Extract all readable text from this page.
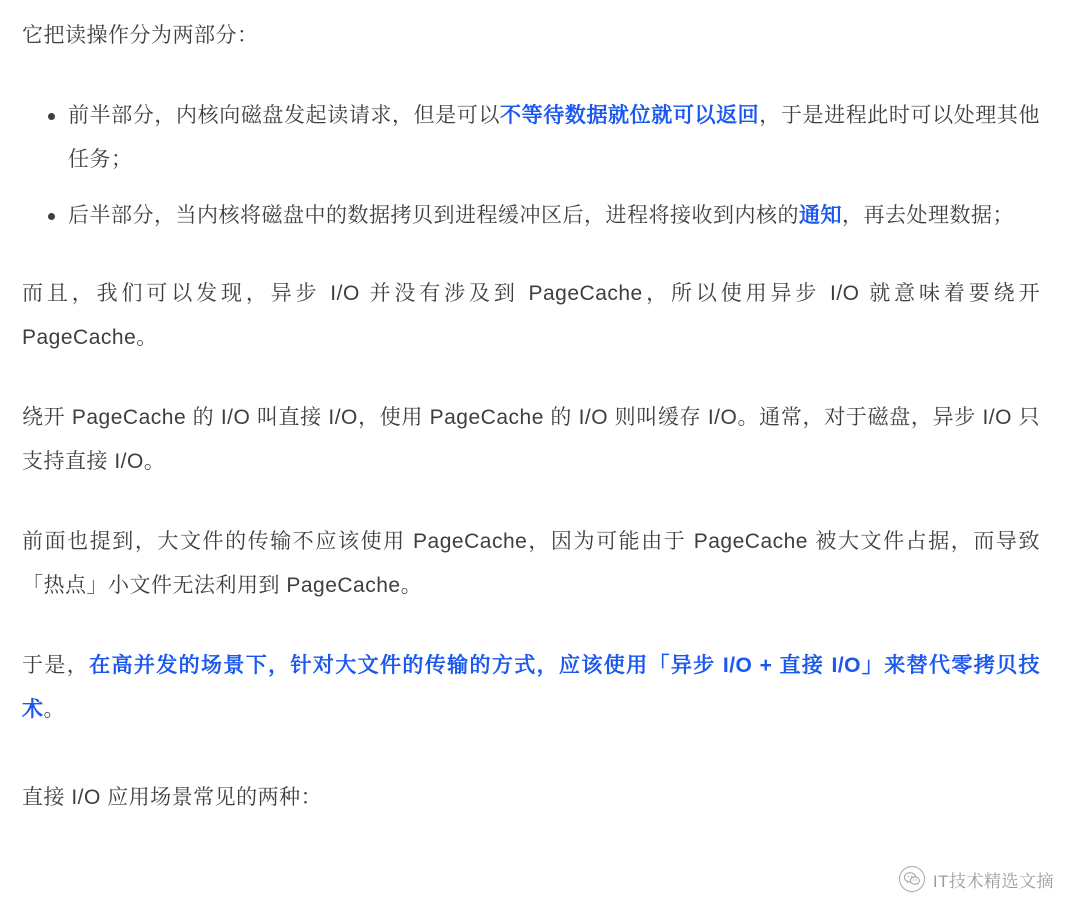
它把读操作分为两部分：

前半部分，内核向磁盘发起读请求，但是可以不等待数据就位就可以返回，于是进程此时可以处理其他任务；
后半部分，当内核将磁盘中的数据拷贝到进程缓冲区后，进程将接收到内核的通知，再去处理数据；

而且，我们可以发现，异步 I/O 并没有涉及到 PageCache，所以使用异步 I/O 就意味着要绕开 PageCache。

绕开 PageCache 的 I/O 叫直接 I/O，使用 PageCache 的 I/O 则叫缓存 I/O。通常，对于磁盘，异步 I/O 只支持直接 I/O。

前面也提到，大文件的传输不应该使用 PageCache，因为可能由于 PageCache 被大文件占据，而导致「热点」小文件无法利用到 PageCache。

于是，在高并发的场景下，针对大文件的传输的方式，应该使用「异步 I/O + 直接 I/O」来替代零拷贝技术。

直接 I/O 应用场景常见的两种：

IT技术精选文摘
